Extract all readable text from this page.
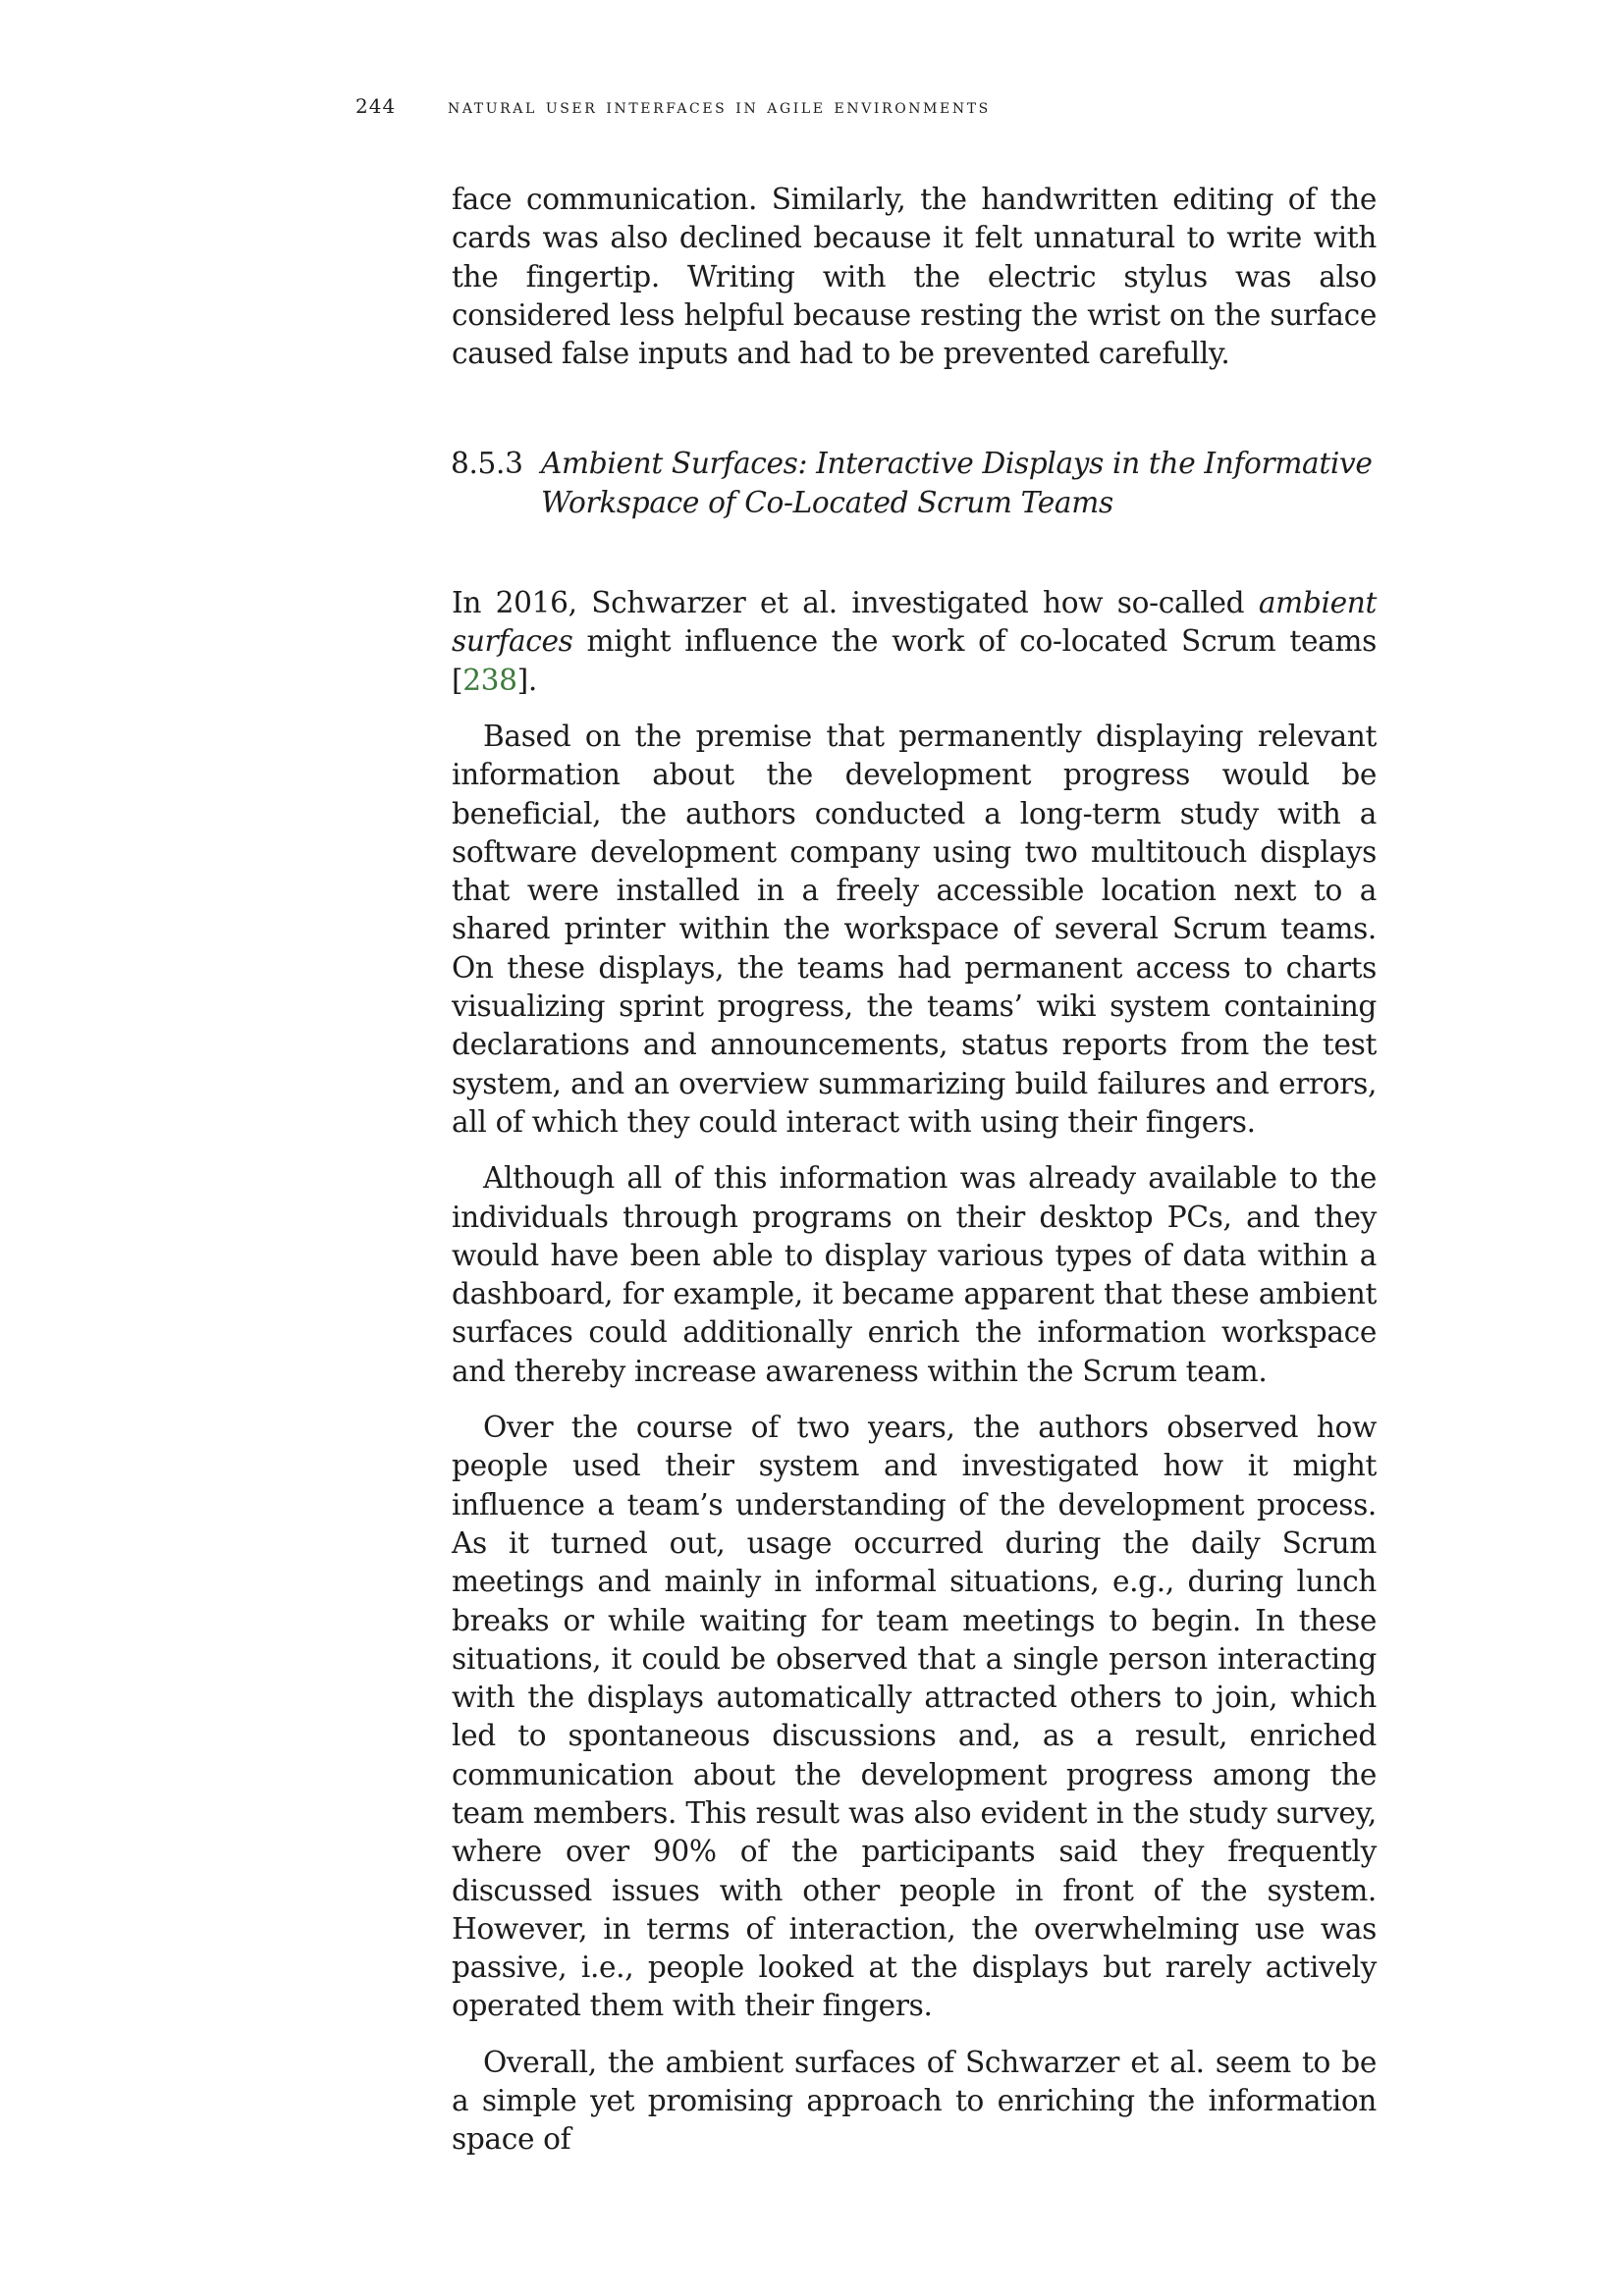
244	natural user interfaces in agile environments

face communication. Similarly, the handwritten editing of the cards was also declined because it felt unnatural to write with the fingertip. Writing with the electric stylus was also considered less helpful because resting the wrist on the surface caused false inputs and had to be prevented carefully.

8.5.3 Ambient Surfaces: Interactive Displays in the Informative Workspace of Co-Located Scrum Teams

In 2016, Schwarzer et al. investigated how so-called ambient surfaces might influence the work of co-located Scrum teams [238].

Based on the premise that permanently displaying relevant information about the development progress would be beneficial, the authors conducted a long-term study with a software development company using two multitouch displays that were installed in a freely accessible location next to a shared printer within the workspace of several Scrum teams. On these displays, the teams had permanent access to charts visualizing sprint progress, the teams’ wiki system containing declarations and announcements, status reports from the test system, and an overview summarizing build failures and errors, all of which they could interact with using their fingers.

Although all of this information was already available to the individuals through programs on their desktop PCs, and they would have been able to display various types of data within a dashboard, for example, it became apparent that these ambient surfaces could additionally enrich the information workspace and thereby increase awareness within the Scrum team.

Over the course of two years, the authors observed how people used their system and investigated how it might influence a team’s understanding of the development process. As it turned out, usage occurred during the daily Scrum meetings and mainly in informal situations, e.g., during lunch breaks or while waiting for team meetings to begin. In these situations, it could be observed that a single person interacting with the displays automatically attracted others to join, which led to spontaneous discussions and, as a result, enriched communication about the development progress among the team members. This result was also evident in the study survey, where over 90% of the participants said they frequently discussed issues with other people in front of the system. However, in terms of interaction, the overwhelming use was passive, i.e., people looked at the displays but rarely actively operated them with their fingers.

Overall, the ambient surfaces of Schwarzer et al. seem to be a simple yet promising approach to enriching the information space of
